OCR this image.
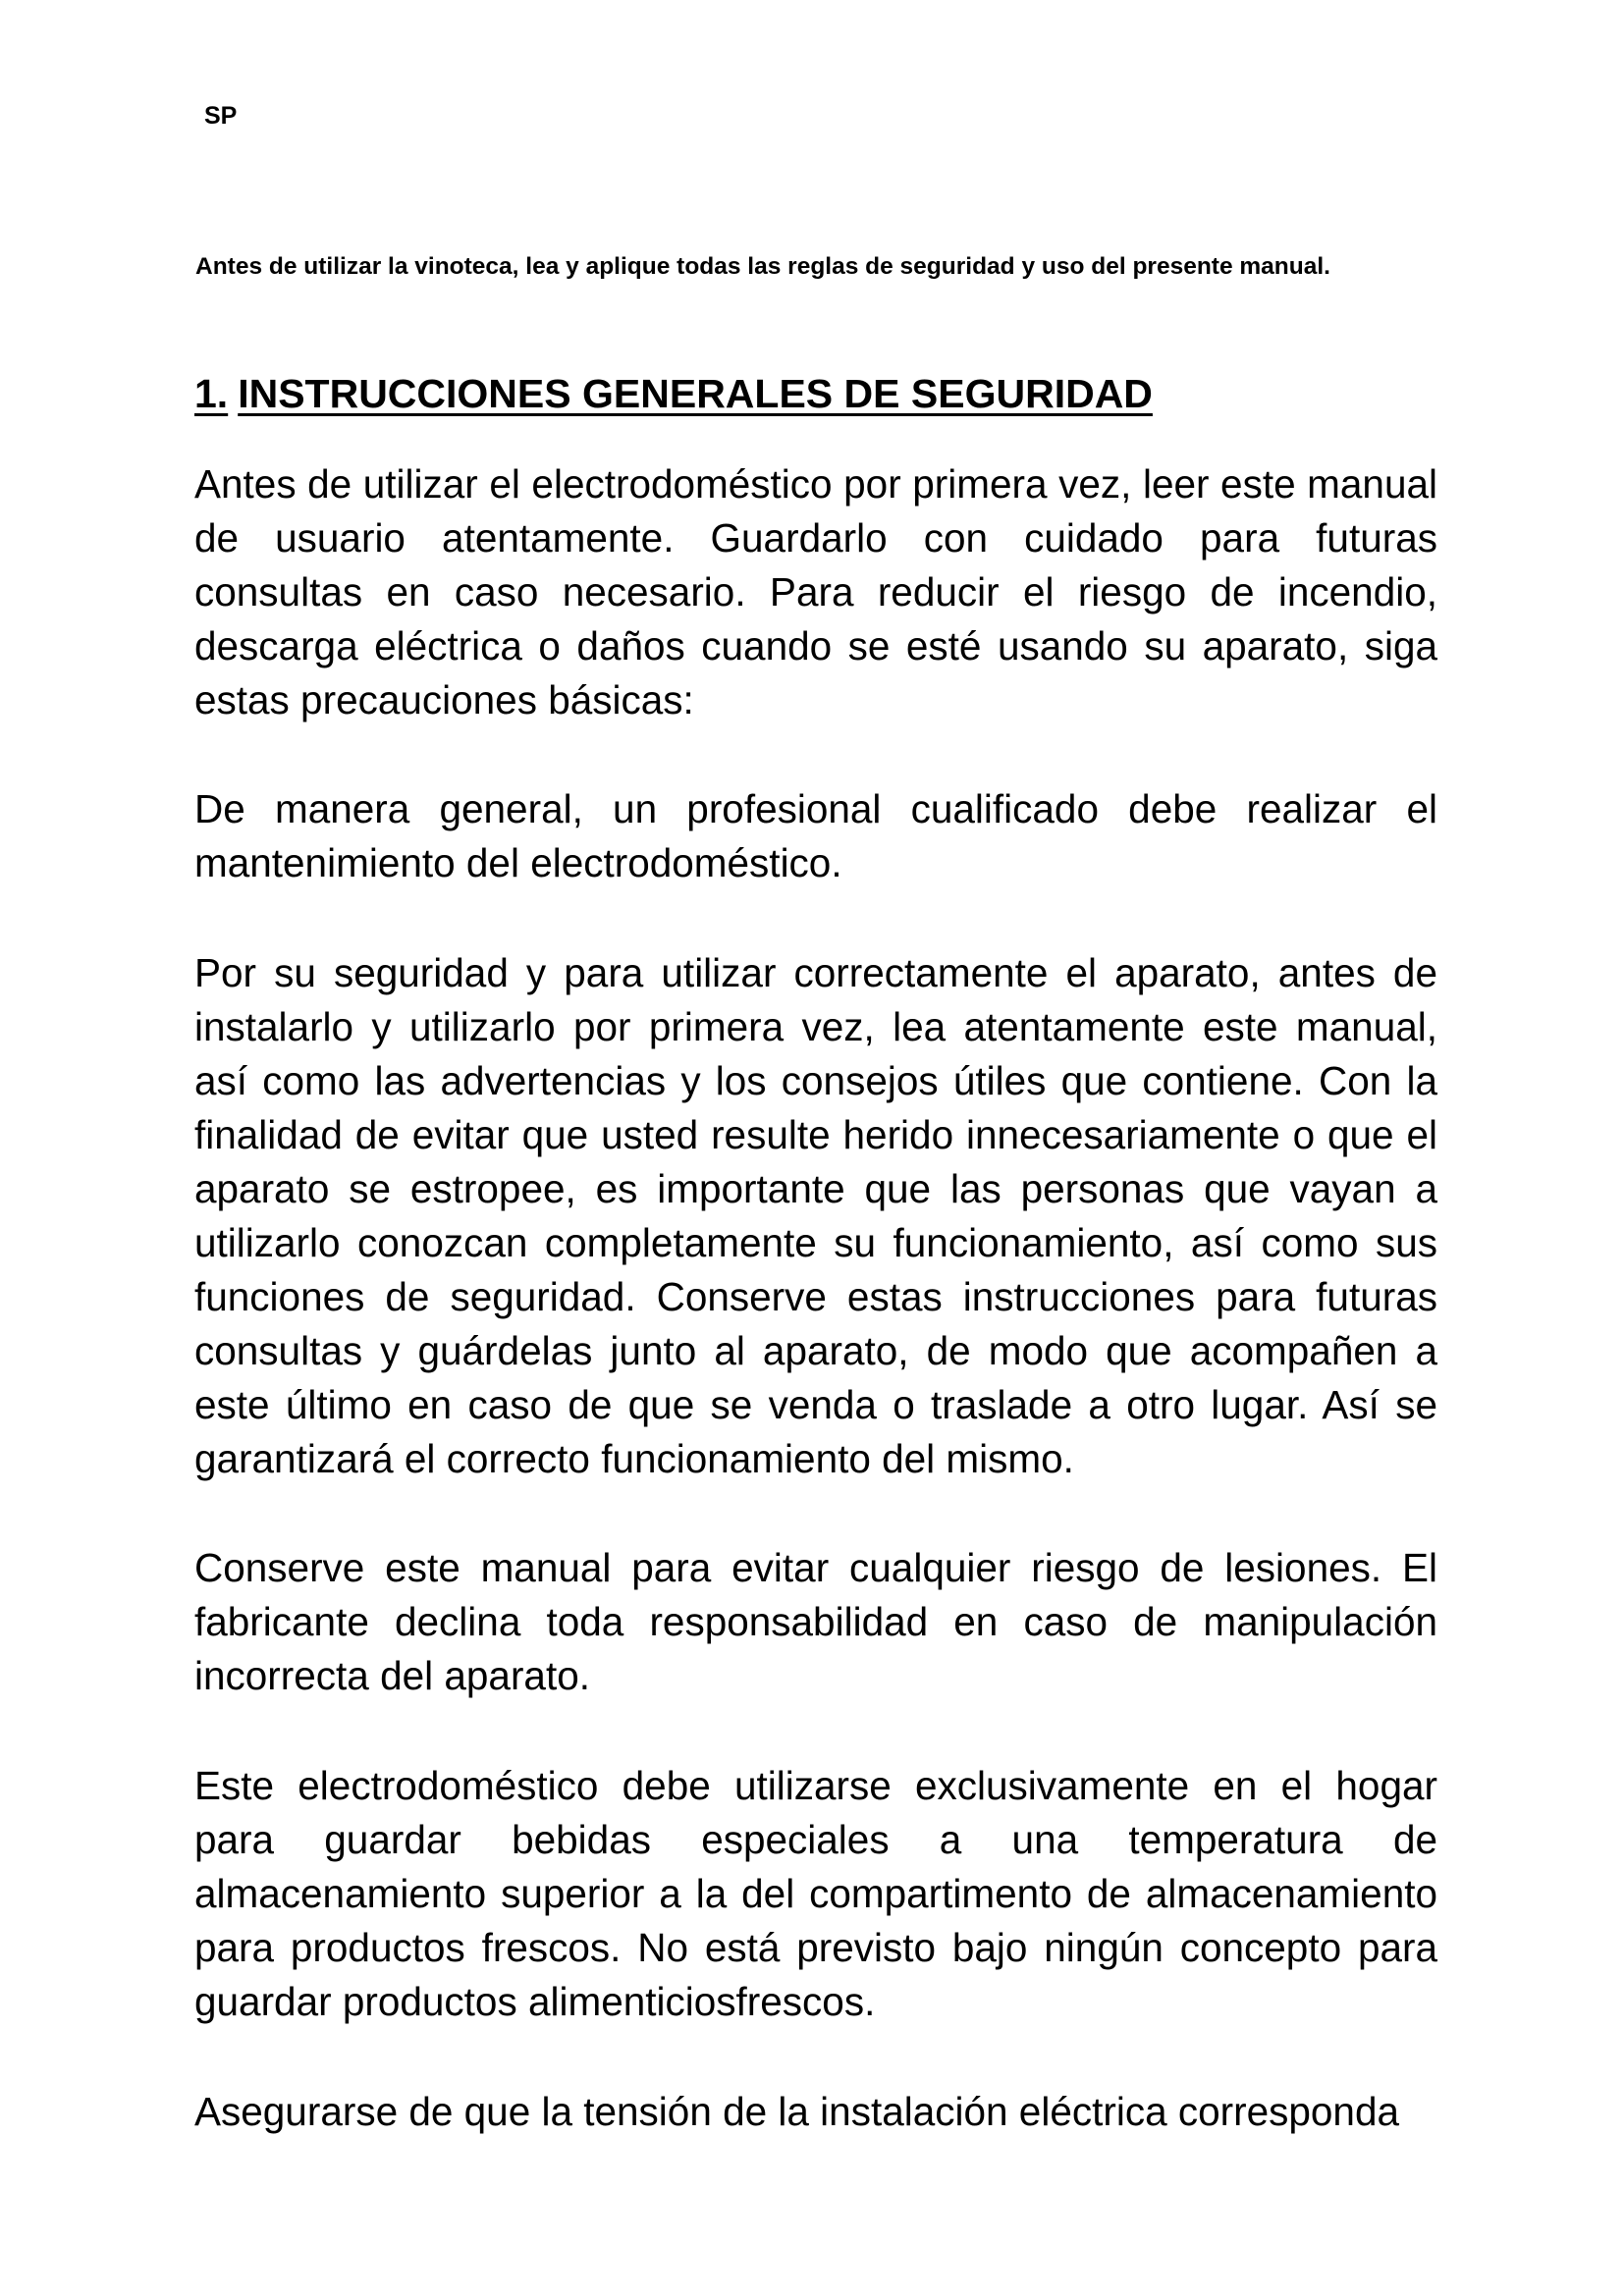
SP

Antes de utilizar la vinoteca, lea y aplique todas las reglas de seguridad y uso del presente manual.

1. INSTRUCCIONES GENERALES DE SEGURIDAD

Antes de utilizar el electrodoméstico por primera vez, leer este manual de usuario atentamente. Guardarlo con cuidado para futuras consultas en caso necesario. Para reducir el riesgo de incendio, descarga eléctrica o daños cuando se esté usando su aparato, siga estas precauciones básicas:

De manera general, un profesional cualificado debe realizar el mantenimiento del electrodoméstico.

Por su seguridad y para utilizar correctamente el aparato, antes de instalarlo y utilizarlo por primera vez, lea atentamente este manual, así como las advertencias y los consejos útiles que contiene. Con la finalidad de evitar que usted resulte herido innecesariamente o que el aparato se estropee, es importante que las personas que vayan a utilizarlo conozcan completamente su funcionamiento, así como sus funciones de seguridad. Conserve estas instrucciones para futuras consultas y guárdelas junto al aparato, de modo que acompañen a este último en caso de que se venda o traslade a otro lugar. Así se garantizará el correcto funcionamiento del mismo.

Conserve este manual para evitar cualquier riesgo de lesiones. El fabricante declina toda responsabilidad en caso de manipulación incorrecta del aparato.

Este electrodoméstico debe utilizarse exclusivamente en el hogar para guardar bebidas especiales a una temperatura de almacenamiento superior a la del compartimento de almacenamiento para productos frescos. No está previsto bajo ningún concepto para guardar productos alimenticiosfrescos.

Asegurarse de que la tensión de la instalación eléctrica corresponda
